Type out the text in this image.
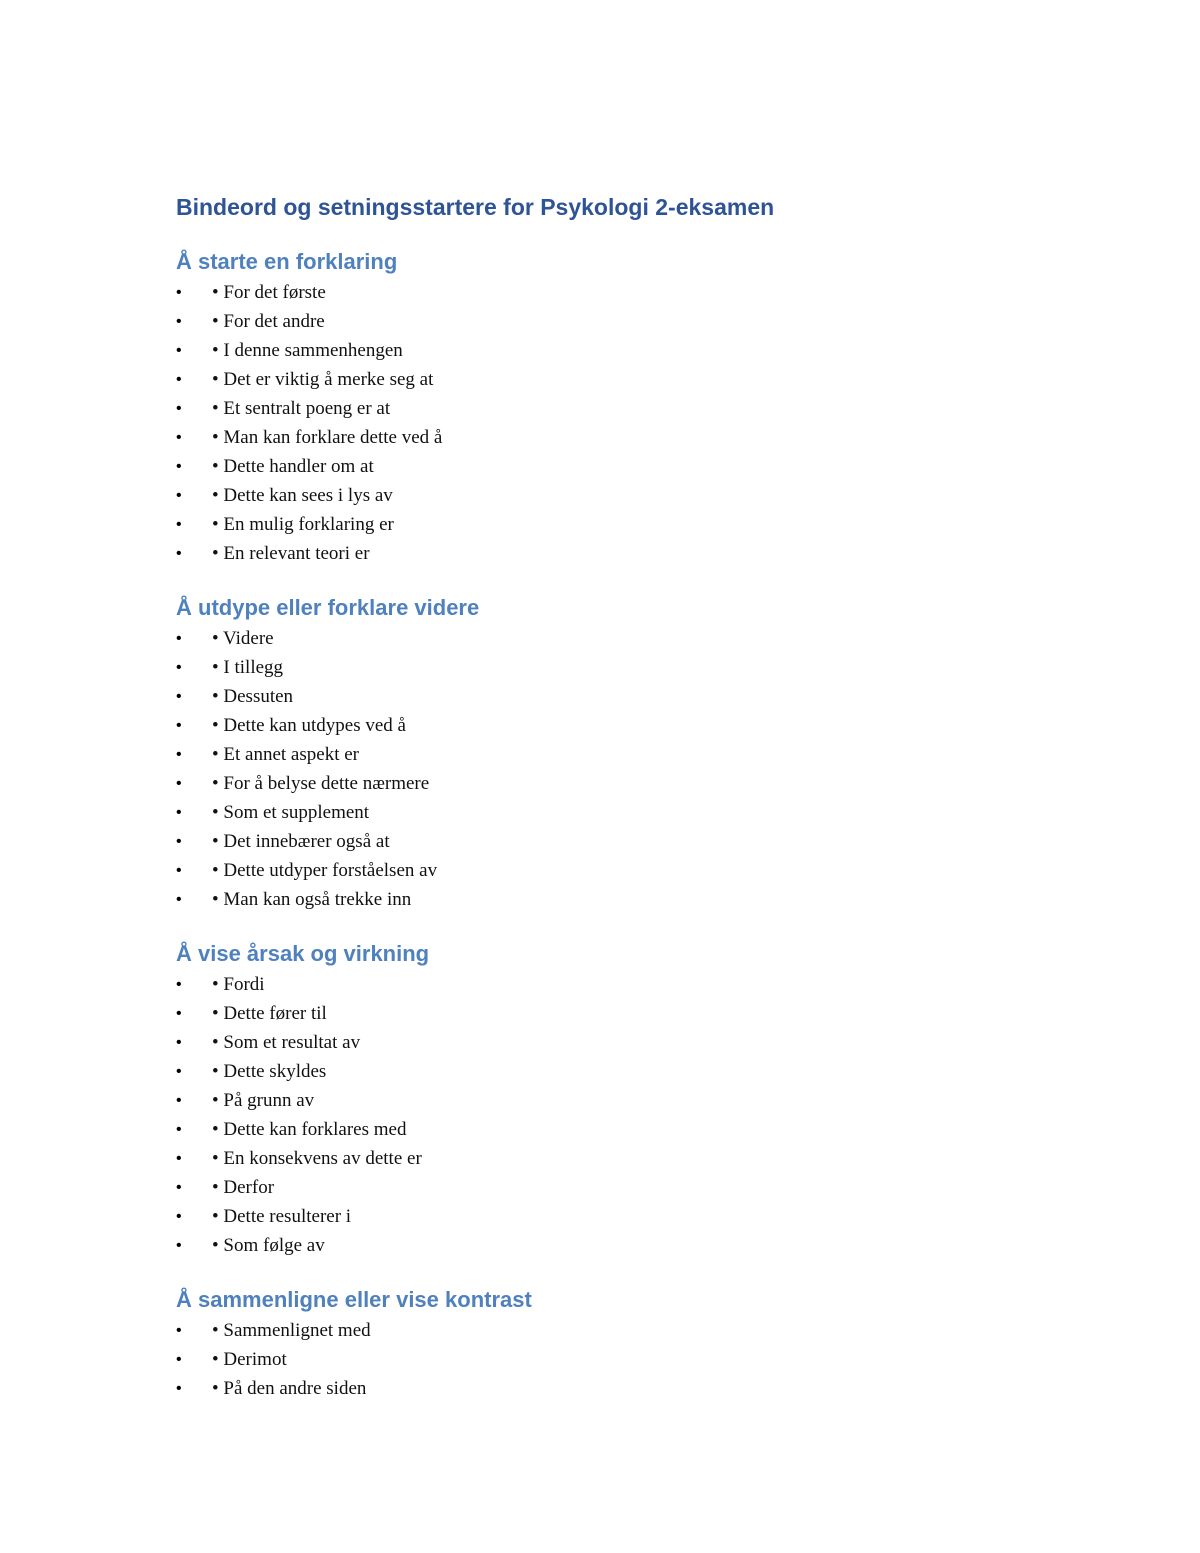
Bindeord og setningsstartere for Psykologi 2-eksamen
Å starte en forklaring
• • For det første
• • For det andre
• • I denne sammenhengen
• • Det er viktig å merke seg at
• • Et sentralt poeng er at
• • Man kan forklare dette ved å
• • Dette handler om at
• • Dette kan sees i lys av
• • En mulig forklaring er
• • En relevant teori er
Å utdype eller forklare videre
• • Videre
• • I tillegg
• • Dessuten
• • Dette kan utdypes ved å
• • Et annet aspekt er
• • For å belyse dette nærmere
• • Som et supplement
• • Det innebærer også at
• • Dette utdyper forståelsen av
• • Man kan også trekke inn
Å vise årsak og virkning
• • Fordi
• • Dette fører til
• • Som et resultat av
• • Dette skyldes
• • På grunn av
• • Dette kan forklares med
• • En konsekvens av dette er
• • Derfor
• • Dette resulterer i
• • Som følge av
Å sammenligne eller vise kontrast
• • Sammenlignet med
• • Derimot
• • På den andre siden
